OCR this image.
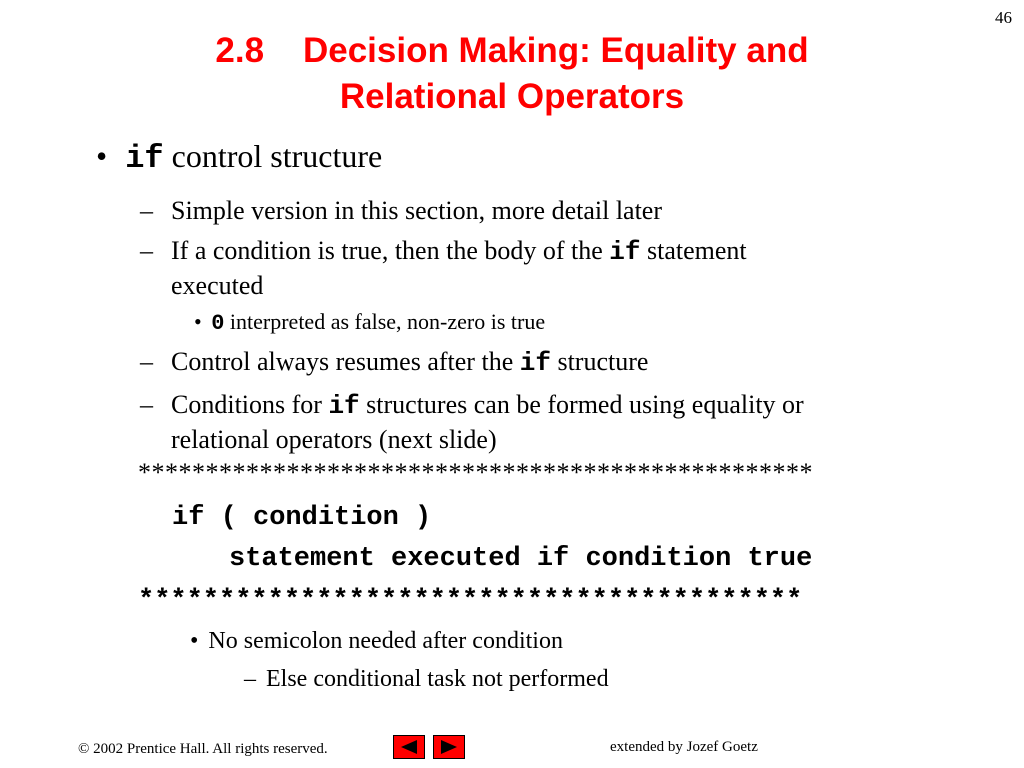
46
2.8 Decision Making: Equality and
Relational Operators
• if control structure
– Simple version in this section, more detail later
– If a condition is true, then the body of the if statement
executed
• 0 interpreted as false, non-zero is true
– Control always resumes after the if structure
– Conditions for if structures can be formed using equality or
relational operators (next slide)
**************************************************
if ( condition )
statement executed if condition true
*****************************************
• No semicolon needed after condition
– Else conditional task not performed
© 2002 Prentice Hall. All rights reserved.	extended by Jozef Goetz
